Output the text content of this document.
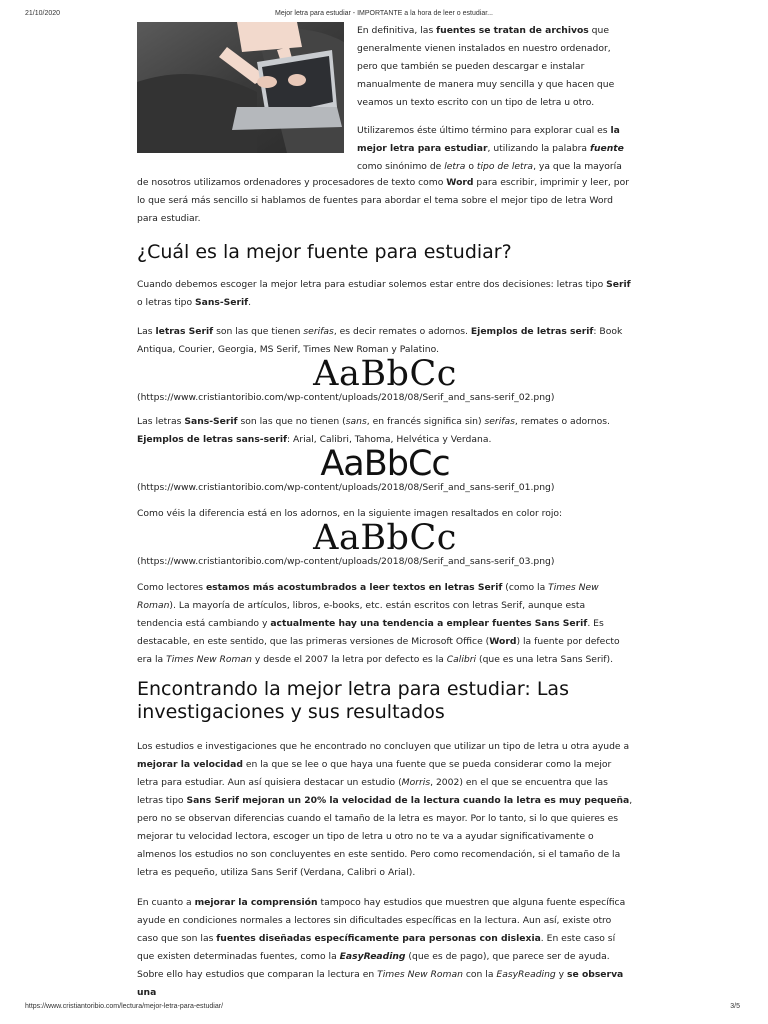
21/10/2020	Mejor letra para estudiar - IMPORTANTE a la hora de leer o estudiar...

En definitiva, las fuentes se tratan de archivos que generalmente vienen instalados en nuestro ordenador, pero que también se pueden descargar e instalar manualmente de manera muy sencilla y que hacen que veamos un texto escrito con un tipo de letra u otro.

Utilizaremos éste último término para explorar cual es la mejor letra para estudiar, utilizando la palabra fuente como sinónimo de letra o tipo de letra, ya que la mayoría

de nosotros utilizamos ordenadores y procesadores de texto como Word para escribir, imprimir y leer, por lo que será más sencillo si hablamos de fuentes para abordar el tema sobre el mejor tipo de letra Word para estudiar.

¿Cuál es la mejor fuente para estudiar?

Cuando debemos escoger la mejor letra para estudiar solemos estar entre dos decisiones: letras tipo Serif o letras tipo Sans-Serif.

Las letras Serif son las que tienen serifas, es decir remates o adornos. Ejemplos de letras serif: Book Antiqua, Courier, Georgia, MS Serif, Times New Roman y Palatino.

AaBbCc
(https://www.cristiantoribio.com/wp-content/uploads/2018/08/Serif_and_sans-serif_02.png)

Las letras Sans-Serif son las que no tienen (sans, en francés significa sin) serifas, remates o adornos. Ejemplos de letras sans-serif: Arial, Calibri, Tahoma, Helvética y Verdana.

AaBbCc
(https://www.cristiantoribio.com/wp-content/uploads/2018/08/Serif_and_sans-serif_01.png)

Como véis la diferencia está en los adornos, en la siguiente imagen resaltados en color rojo:

AaBbCc
(https://www.cristiantoribio.com/wp-content/uploads/2018/08/Serif_and_sans-serif_03.png)

Como lectores estamos más acostumbrados a leer textos en letras Serif (como la Times New Roman). La mayoría de artículos, libros, e-books, etc. están escritos con letras Serif, aunque esta tendencia está cambiando y actualmente hay una tendencia a emplear fuentes Sans Serif. Es destacable, en este sentido, que las primeras versiones de Microsoft Office (Word) la fuente por defecto era la Times New Roman y desde el 2007 la letra por defecto es la Calibri (que es una letra Sans Serif).

Encontrando la mejor letra para estudiar: Las investigaciones y sus resultados

Los estudios e investigaciones que he encontrado no concluyen que utilizar un tipo de letra u otra ayude a mejorar la velocidad en la que se lee o que haya una fuente que se pueda considerar como la mejor letra para estudiar. Aun así quisiera destacar un estudio (Morris, 2002) en el que se encuentra que las letras tipo Sans Serif mejoran un 20% la velocidad de la lectura cuando la letra es muy pequeña, pero no se observan diferencias cuando el tamaño de la letra es mayor. Por lo tanto, si lo que quieres es mejorar tu velocidad lectora, escoger un tipo de letra u otro no te va a ayudar significativamente o almenos los estudios no son concluyentes en este sentido. Pero como recomendación, si el tamaño de la letra es pequeño, utiliza Sans Serif (Verdana, Calibri o Arial).

En cuanto a mejorar la comprensión tampoco hay estudios que muestren que alguna fuente específica ayude en condiciones normales a lectores sin dificultades específicas en la lectura. Aun así, existe otro caso que son las fuentes diseñadas específicamente para personas con dislexia. En este caso sí que existen determinadas fuentes, como la EasyReading (que es de pago), que parece ser de ayuda. Sobre ello hay estudios que comparan la lectura en Times New Roman con la EasyReading y se observa una

https://www.cristiantoribio.com/lectura/mejor-letra-para-estudiar/	3/5
